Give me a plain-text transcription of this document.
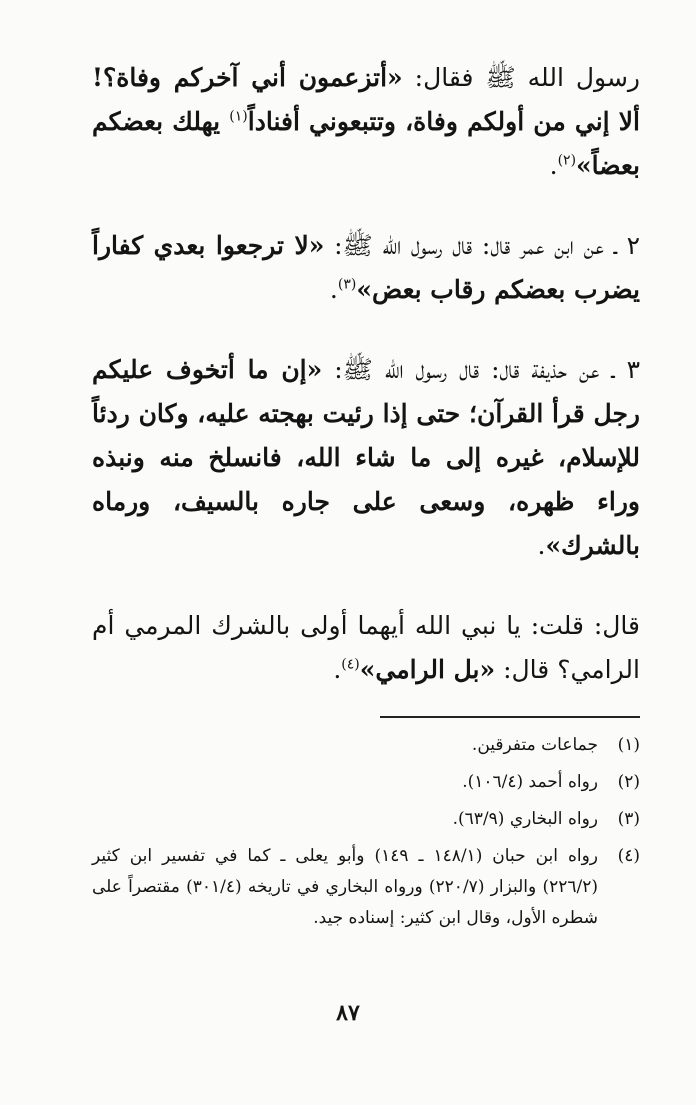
رسول الله ﷺ فقال: «أتزعمون أني آخركم وفاة؟! ألا إني من أولكم وفاة، وتتبعوني أفناداً$^{(١)}$ يهلك بعضكم بعضاً»$^{(٢)}$.

٢ ـ عن ابن عمر قال: قال رسول الله ﷺ: «لا ترجعوا بعدي كفاراً يضرب بعضكم رقاب بعض»$^{(٣)}$.

٣ ـ عن حذيفة قال: قال رسول الله ﷺ: «إن ما أتخوف عليكم رجل قرأ القرآن؛ حتى إذا رئيت بهجته عليه، وكان ردئاً للإسلام، غيره إلى ما شاء الله، فانسلخ منه ونبذه وراء ظهره، وسعى على جاره بالسيف، ورماه بالشرك».

قال: قلت: يا نبي الله أيهما أولى بالشرك المرمي أم الرامي؟ قال: «بل الرامي»$^{(٤)}$.

(١)
جماعات متفرقين.
(٢)
رواه أحمد (١٠٦/٤).
(٣)
رواه البخاري (٦٣/٩).
(٤)
رواه ابن حبان (١٤٨/١ ـ ١٤٩) وأبو يعلى ـ كما في تفسير ابن كثير (٢٢٦/٢) والبزار (٢٢٠/٧) ورواه البخاري في تاريخه (٣٠١/٤) مقتصراً على شطره الأول، وقال ابن كثير: إسناده جيد.
٨٧
